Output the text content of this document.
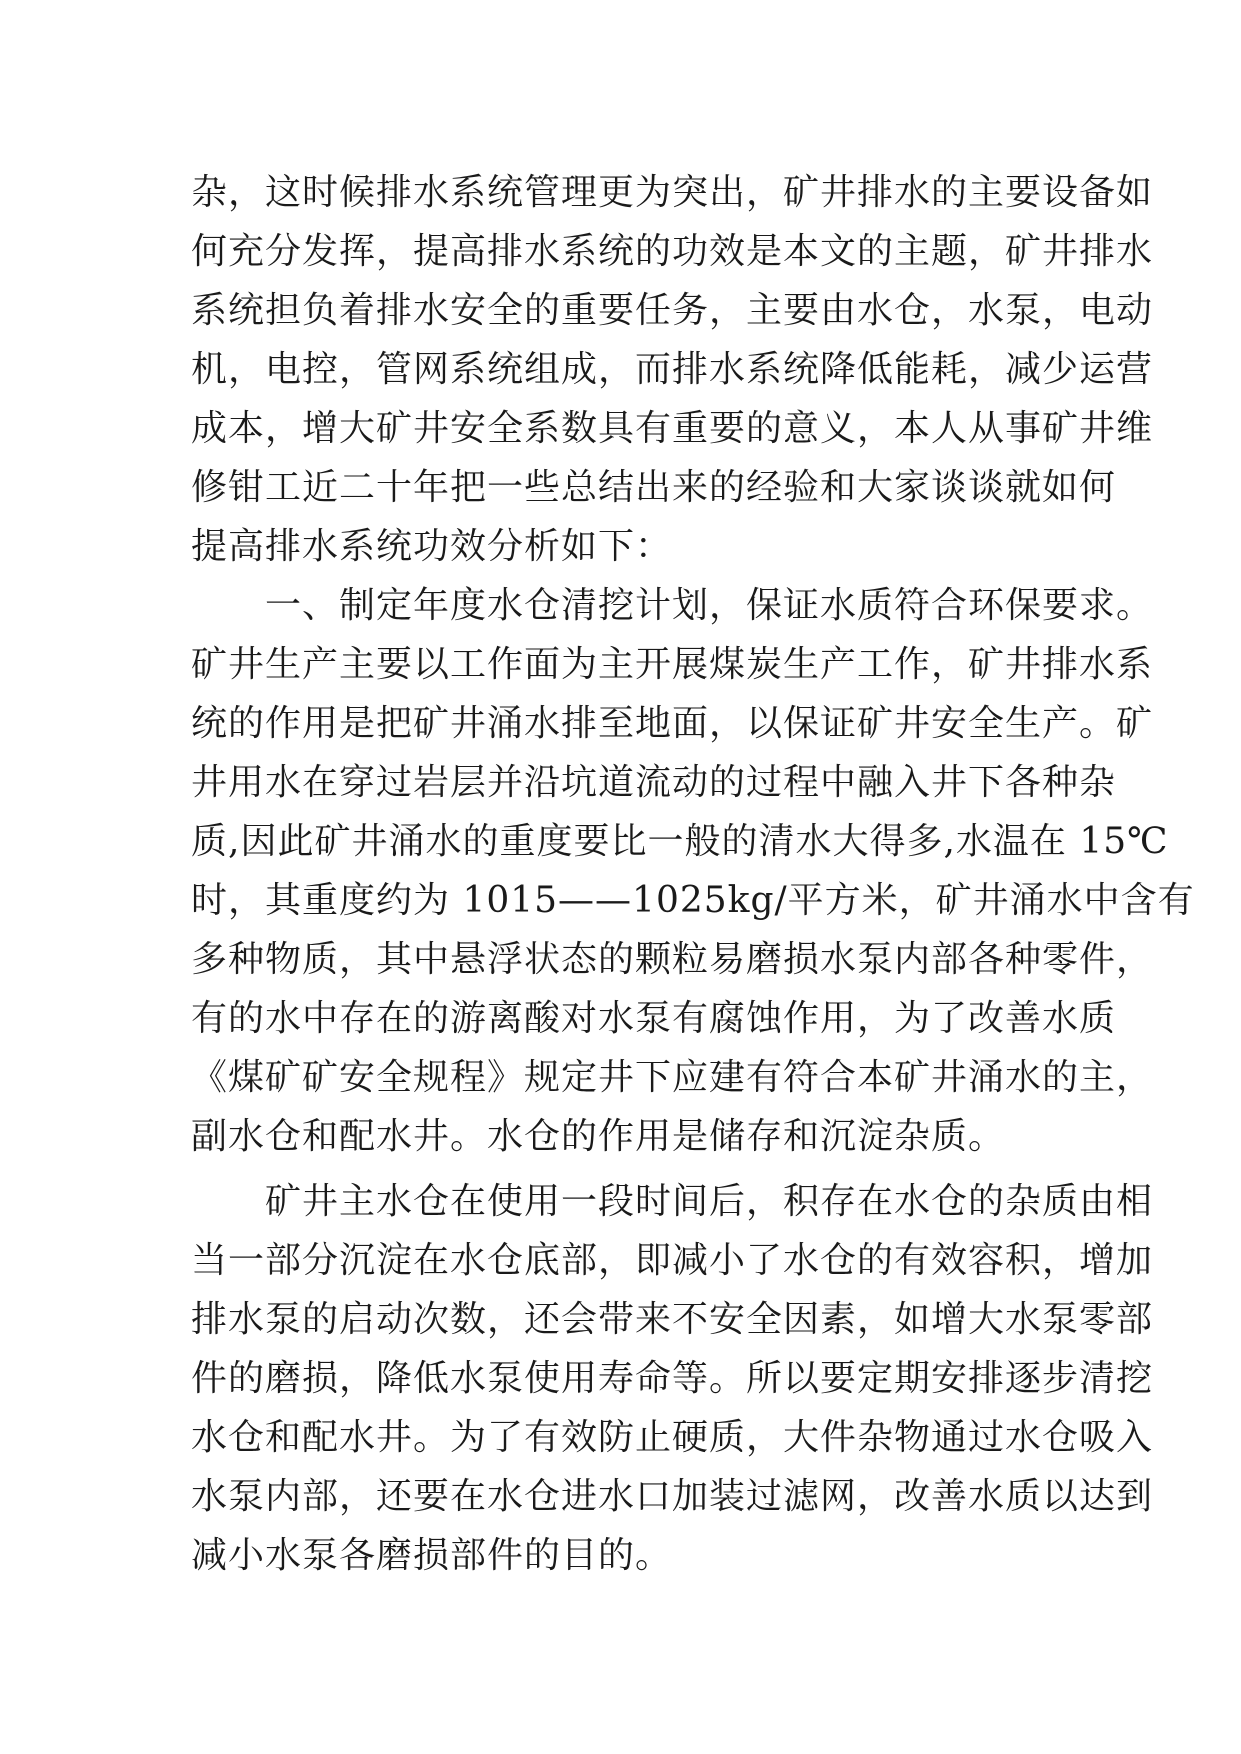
杂，这时候排水系统管理更为突出，矿井排水的主要设备如
何充分发挥，提高排水系统的功效是本文的主题，矿井排水
系统担负着排水安全的重要任务，主要由水仓，水泵，电动
机，电控，管网系统组成，而排水系统降低能耗，减少运营
成本，增大矿井安全系数具有重要的意义，本人从事矿井维
修钳工近二十年把一些总结出来的经验和大家谈谈就如何
提高排水系统功效分析如下：
　　一、制定年度水仓清挖计划，保证水质符合环保要求。
矿井生产主要以工作面为主开展煤炭生产工作，矿井排水系
统的作用是把矿井涌水排至地面，以保证矿井安全生产。矿
井用水在穿过岩层并沿坑道流动的过程中融入井下各种杂
质,因此矿井涌水的重度要比一般的清水大得多,水温在 15℃
时，其重度约为 1015——1025kg/平方米，矿井涌水中含有
多种物质，其中悬浮状态的颗粒易磨损水泵内部各种零件，
有的水中存在的游离酸对水泵有腐蚀作用，为了改善水质
《煤矿矿安全规程》规定井下应建有符合本矿井涌水的主，
副水仓和配水井。水仓的作用是储存和沉淀杂质。
　　矿井主水仓在使用一段时间后，积存在水仓的杂质由相
当一部分沉淀在水仓底部，即减小了水仓的有效容积，增加
排水泵的启动次数，还会带来不安全因素，如增大水泵零部
件的磨损，降低水泵使用寿命等。所以要定期安排逐步清挖
水仓和配水井。为了有效防止硬质，大件杂物通过水仓吸入
水泵内部，还要在水仓进水口加装过滤网，改善水质以达到
减小水泵各磨损部件的目的。
